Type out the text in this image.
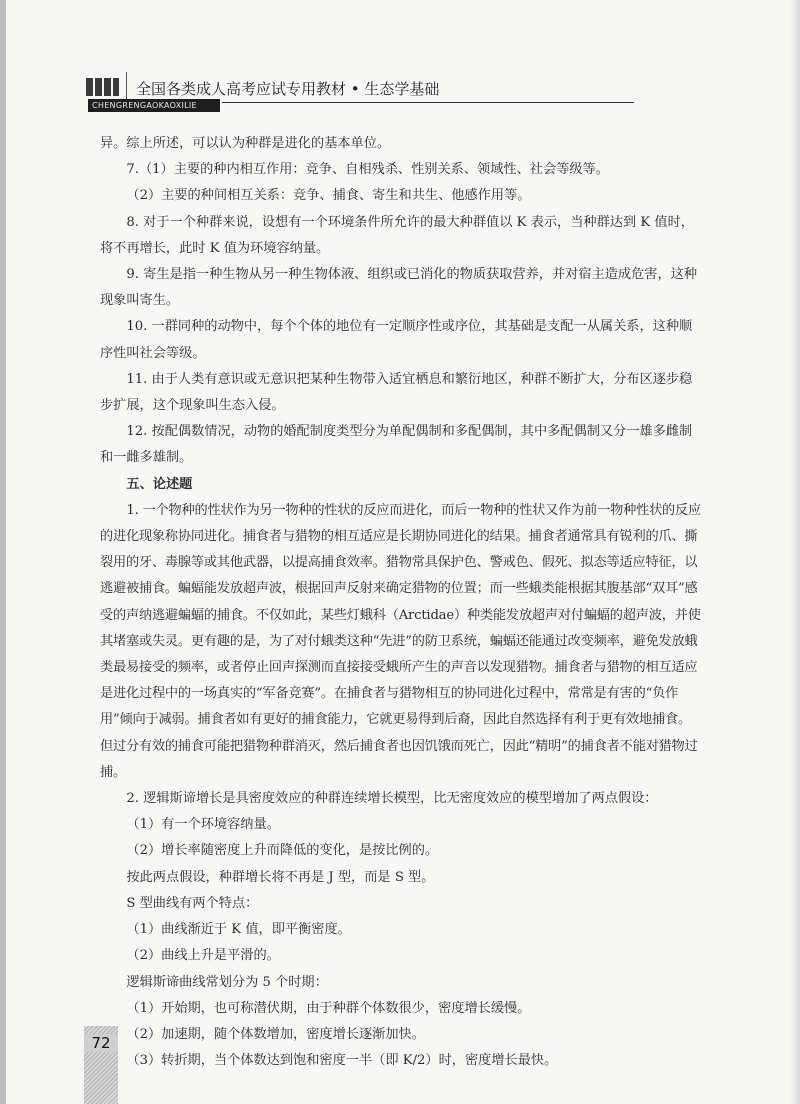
全国各类成人高考应试专用教材 • 生态学基础
CHENGRENGAOKAOXILIE

异。综上所述，可以认为种群是进化的基本单位。

7.（1）主要的种内相互作用：竞争、自相残杀、性别关系、领域性、社会等级等。

（2）主要的种间相互关系：竞争、捕食、寄生和共生、他感作用等。

8. 对于一个种群来说，设想有一个环境条件所允许的最大种群值以 K 表示，当种群达到 K 值时，将不再增长，此时 K 值为环境容纳量。

9. 寄生是指一种生物从另一种生物体液、组织或已消化的物质获取营养，并对宿主造成危害，这种现象叫寄生。

10. 一群同种的动物中，每个个体的地位有一定顺序性或序位，其基础是支配一从属关系，这种顺序性叫社会等级。

11. 由于人类有意识或无意识把某种生物带入适宜栖息和繁衍地区，种群不断扩大，分布区逐步稳步扩展，这个现象叫生态入侵。

12. 按配偶数情况，动物的婚配制度类型分为单配偶制和多配偶制，其中多配偶制又分一雄多雌制和一雌多雄制。

五、论述题

1. 一个物种的性状作为另一物种的性状的反应而进化，而后一物种的性状又作为前一物种性状的反应的进化现象称协同进化。捕食者与猎物的相互适应是长期协同进化的结果。捕食者通常具有锐利的爪、撕裂用的牙、毒腺等或其他武器，以提高捕食效率。猎物常具保护色、警戒色、假死、拟态等适应特征，以逃避被捕食。蝙蝠能发放超声波，根据回声反射来确定猎物的位置；而一些蛾类能根据其腹基部“双耳”感受的声纳逃避蝙蝠的捕食。不仅如此，某些灯蛾科（Arctidae）种类能发放超声对付蝙蝠的超声波，并使其堵塞或失灵。更有趣的是，为了对付蛾类这种“先进”的防卫系统，蝙蝠还能通过改变频率，避免发放蛾类最易接受的频率，或者停止回声探测而直接接受蛾所产生的声音以发现猎物。捕食者与猎物的相互适应是进化过程中的一场真实的“军备竞赛”。在捕食者与猎物相互的协同进化过程中，常常是有害的“负作用”倾向于减弱。捕食者如有更好的捕食能力，它就更易得到后裔，因此自然选择有利于更有效地捕食。但过分有效的捕食可能把猎物种群消灭，然后捕食者也因饥饿而死亡，因此“精明”的捕食者不能对猎物过捕。

2. 逻辑斯谛增长是具密度效应的种群连续增长模型，比无密度效应的模型增加了两点假设：

（1）有一个环境容纳量。

（2）增长率随密度上升而降低的变化，是按比例的。

按此两点假设，种群增长将不再是 J 型，而是 S 型。

S 型曲线有两个特点：

（1）曲线渐近于 K 值，即平衡密度。

（2）曲线上升是平滑的。

逻辑斯谛曲线常划分为 5 个时期：

（1）开始期，也可称潜伏期，由于种群个体数很少，密度增长缓慢。

（2）加速期，随个体数增加，密度增长逐渐加快。

（3）转折期，当个体数达到饱和密度一半（即 K/2）时，密度增长最快。

72
